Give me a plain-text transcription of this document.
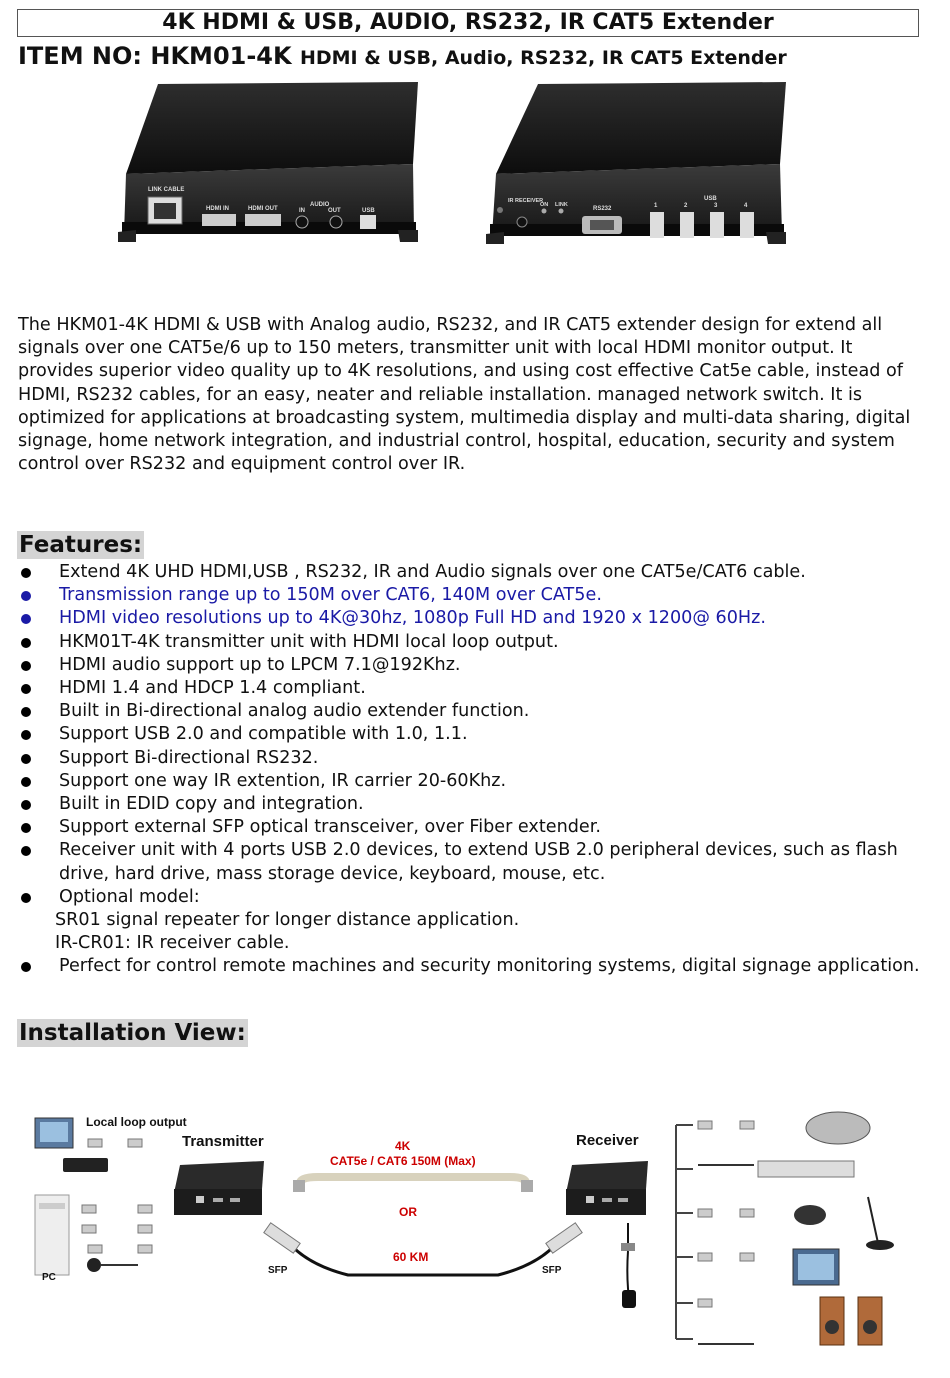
4K HDMI & USB, AUDIO, RS232, IR CAT5 Extender
ITEM NO: HKM01-4K HDMI & USB, Audio, RS232, IR CAT5 Extender
LINK CABLE
HDMI IN	HDMI OUT
AUDIO
IN	OUT	USB
IR RECEIVER
ON LINK
RS232
USB
1	2	3	4
The HKM01-4K HDMI & USB with Analog audio, RS232, and IR CAT5 extender design for extend all signals over one CAT5e/6 up to 150 meters, transmitter unit with local HDMI monitor output. It provides superior video quality up to 4K resolutions, and using cost effective Cat5e cable, instead of HDMI, RS232 cables, for an easy, neater and reliable installation. managed network switch. It is optimized for applications at broadcasting system, multimedia display and multi-data sharing, digital signage, home network integration, and industrial control, hospital, education, security and system control over RS232 and equipment control over IR.
Features:
Extend 4K UHD HDMI,USB , RS232, IR and Audio signals over one CAT5e/CAT6 cable.
Transmission range up to 150M over CAT6, 140M over CAT5e.
HDMI video resolutions up to 4K@30hz, 1080p Full HD and 1920 x 1200@ 60Hz.
HKM01T-4K transmitter unit with HDMI local loop output.
HDMI audio support up to LPCM 7.1@192Khz.
HDMI 1.4 and HDCP 1.4 compliant.
Built in Bi-directional analog audio extender function.
Support USB 2.0 and compatible with 1.0, 1.1.
Support Bi-directional RS232.
Support one way IR extention, IR carrier 20-60Khz.
Built in EDID copy and integration.
Support external SFP optical transceiver, over Fiber extender.
Receiver unit with 4 ports USB 2.0 devices, to extend USB 2.0 peripheral devices, such as flash drive, hard drive, mass storage device, keyboard, mouse, etc.
Optional model:
SR01 signal repeater for longer distance application.
IR-CR01: IR receiver cable.
Perfect for control remote machines and security monitoring systems, digital signage application.
Installation View:
PC
Local loop output
Transmitter	4K
CAT5e / CAT6 150M (Max)
OR
60 KM
SFP	SFP
Receiver
